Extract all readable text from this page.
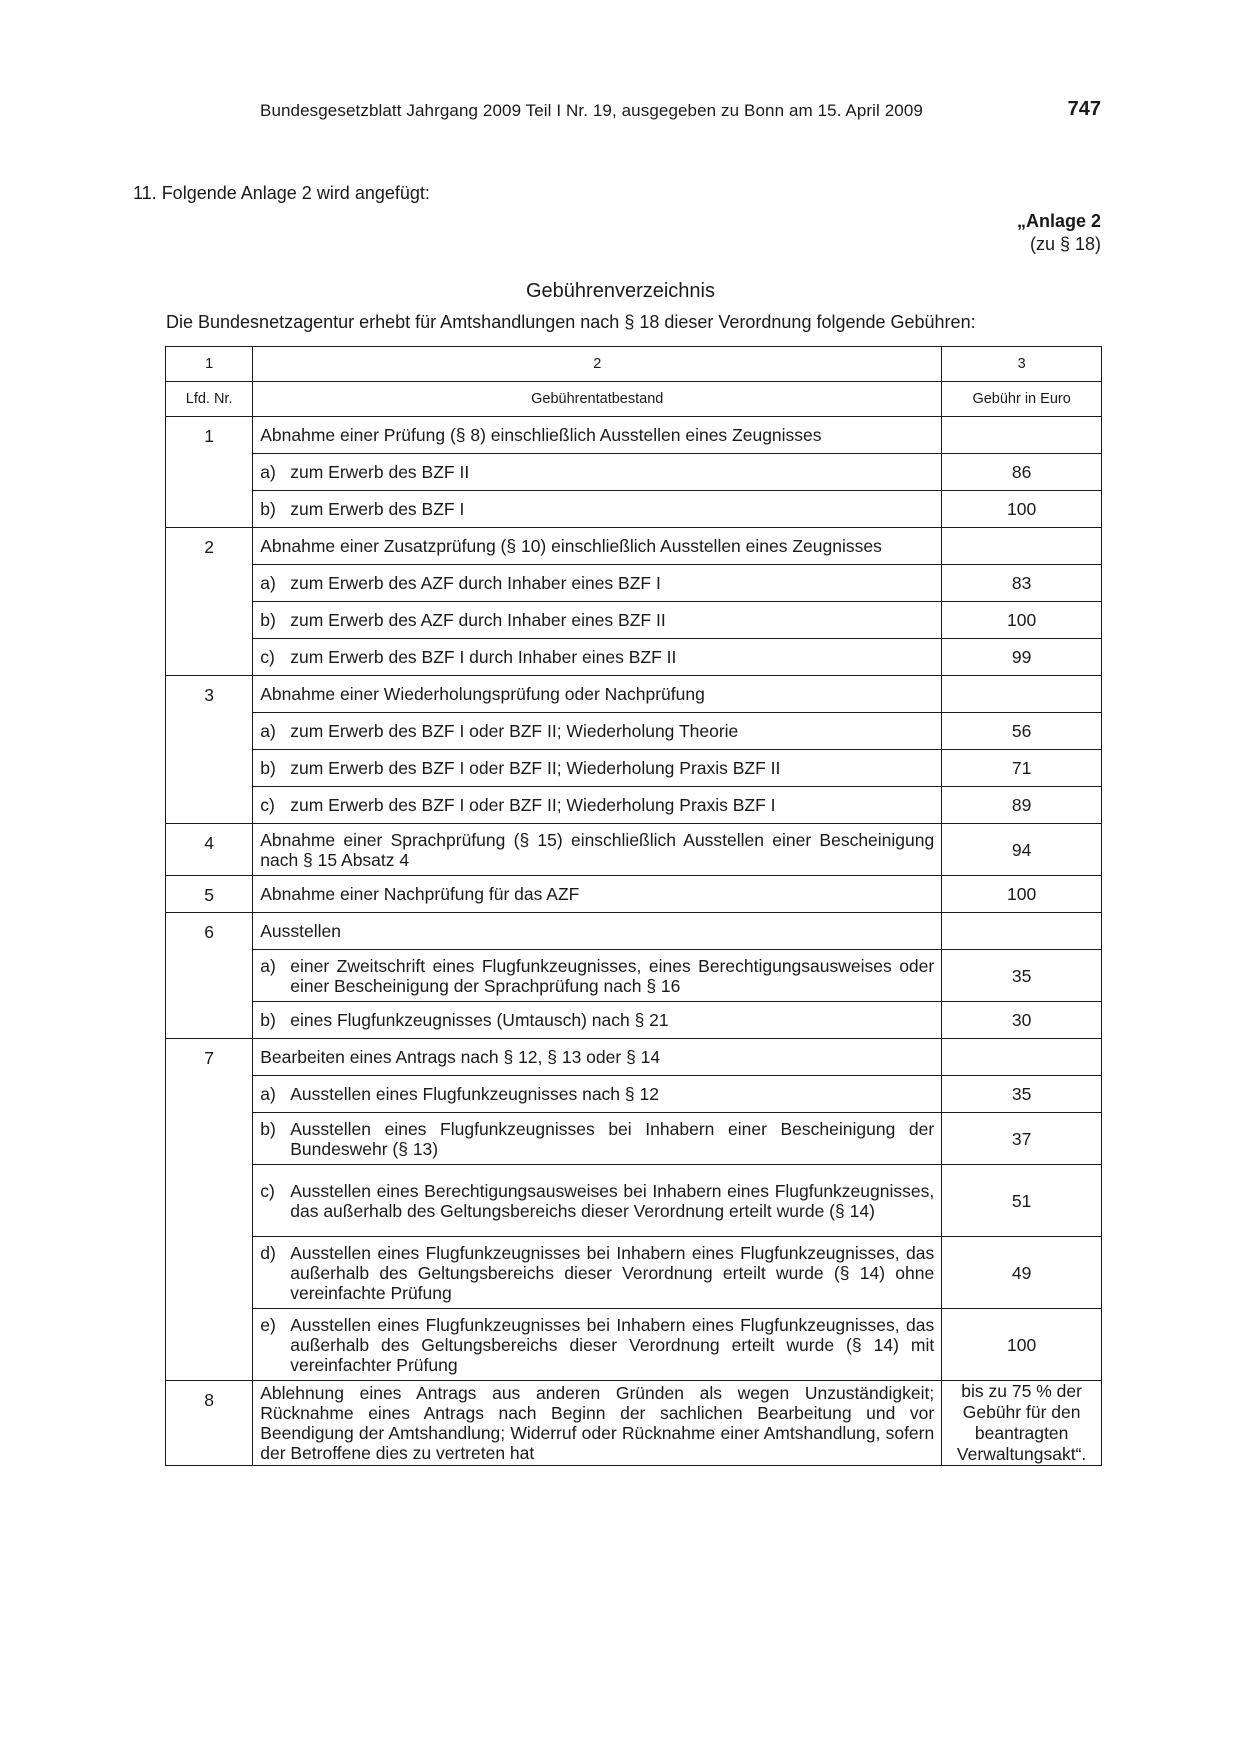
Bundesgesetzblatt Jahrgang 2009 Teil I Nr. 19, ausgegeben zu Bonn am 15. April 2009	747
11. Folgende Anlage 2 wird angefügt:
„Anlage 2
(zu § 18)
Gebührenverzeichnis
Die Bundesnetzagentur erhebt für Amtshandlungen nach § 18 dieser Verordnung folgende Gebühren:
1	2	3
Lfd. Nr.	Gebührentatbestand	Gebühr in Euro
1	Abnahme einer Prüfung (§ 8) einschließlich Ausstellen eines Zeugnisses	

	a) zum Erwerb des BZF II	86

	b) zum Erwerb des BZF I	100
2	Abnahme einer Zusatzprüfung (§ 10) einschließlich Ausstellen eines Zeugnisses	

	a) zum Erwerb des AZF durch Inhaber eines BZF I	83

	b) zum Erwerb des AZF durch Inhaber eines BZF II	100

	c) zum Erwerb des BZF I durch Inhaber eines BZF II	99
3	Abnahme einer Wiederholungsprüfung oder Nachprüfung	

	a) zum Erwerb des BZF I oder BZF II; Wiederholung Theorie	56

	b) zum Erwerb des BZF I oder BZF II; Wiederholung Praxis BZF II	71

	c) zum Erwerb des BZF I oder BZF II; Wiederholung Praxis BZF I	89
4	Abnahme einer Sprachprüfung (§ 15) einschließlich Ausstellen einer Bescheinigung nach § 15 Absatz 4	94
5	Abnahme einer Nachprüfung für das AZF	100
6	Ausstellen	

	a) einer Zweitschrift eines Flugfunkzeugnisses, eines Berechtigungsausweises oder einer Bescheinigung der Sprachprüfung nach § 16	35

	b) eines Flugfunkzeugnisses (Umtausch) nach § 21	30
7	Bearbeiten eines Antrags nach § 12, § 13 oder § 14	

	a) Ausstellen eines Flugfunkzeugnisses nach § 12	35

	b) Ausstellen eines Flugfunkzeugnisses bei Inhabern einer Bescheinigung der Bundeswehr (§ 13)	37

	c) Ausstellen eines Berechtigungsausweises bei Inhabern eines Flugfunkzeugnisses, das außerhalb des Geltungsbereichs dieser Verordnung erteilt wurde (§ 14)	51

	d) Ausstellen eines Flugfunkzeugnisses bei Inhabern eines Flugfunkzeugnisses, das außerhalb des Geltungsbereichs dieser Verordnung erteilt wurde (§ 14) ohne vereinfachte Prüfung	49

	e) Ausstellen eines Flugfunkzeugnisses bei Inhabern eines Flugfunkzeugnisses, das außerhalb des Geltungsbereichs dieser Verordnung erteilt wurde (§ 14) mit vereinfachter Prüfung	100
8	Ablehnung eines Antrags aus anderen Gründen als wegen Unzuständigkeit; Rücknahme eines Antrags nach Beginn der sachlichen Bearbeitung und vor Beendigung der Amtshandlung; Widerruf oder Rücknahme einer Amtshandlung, sofern der Betroffene dies zu vertreten hat	bis zu 75 % der Gebühr für den beantragten Verwaltungsakt“.
